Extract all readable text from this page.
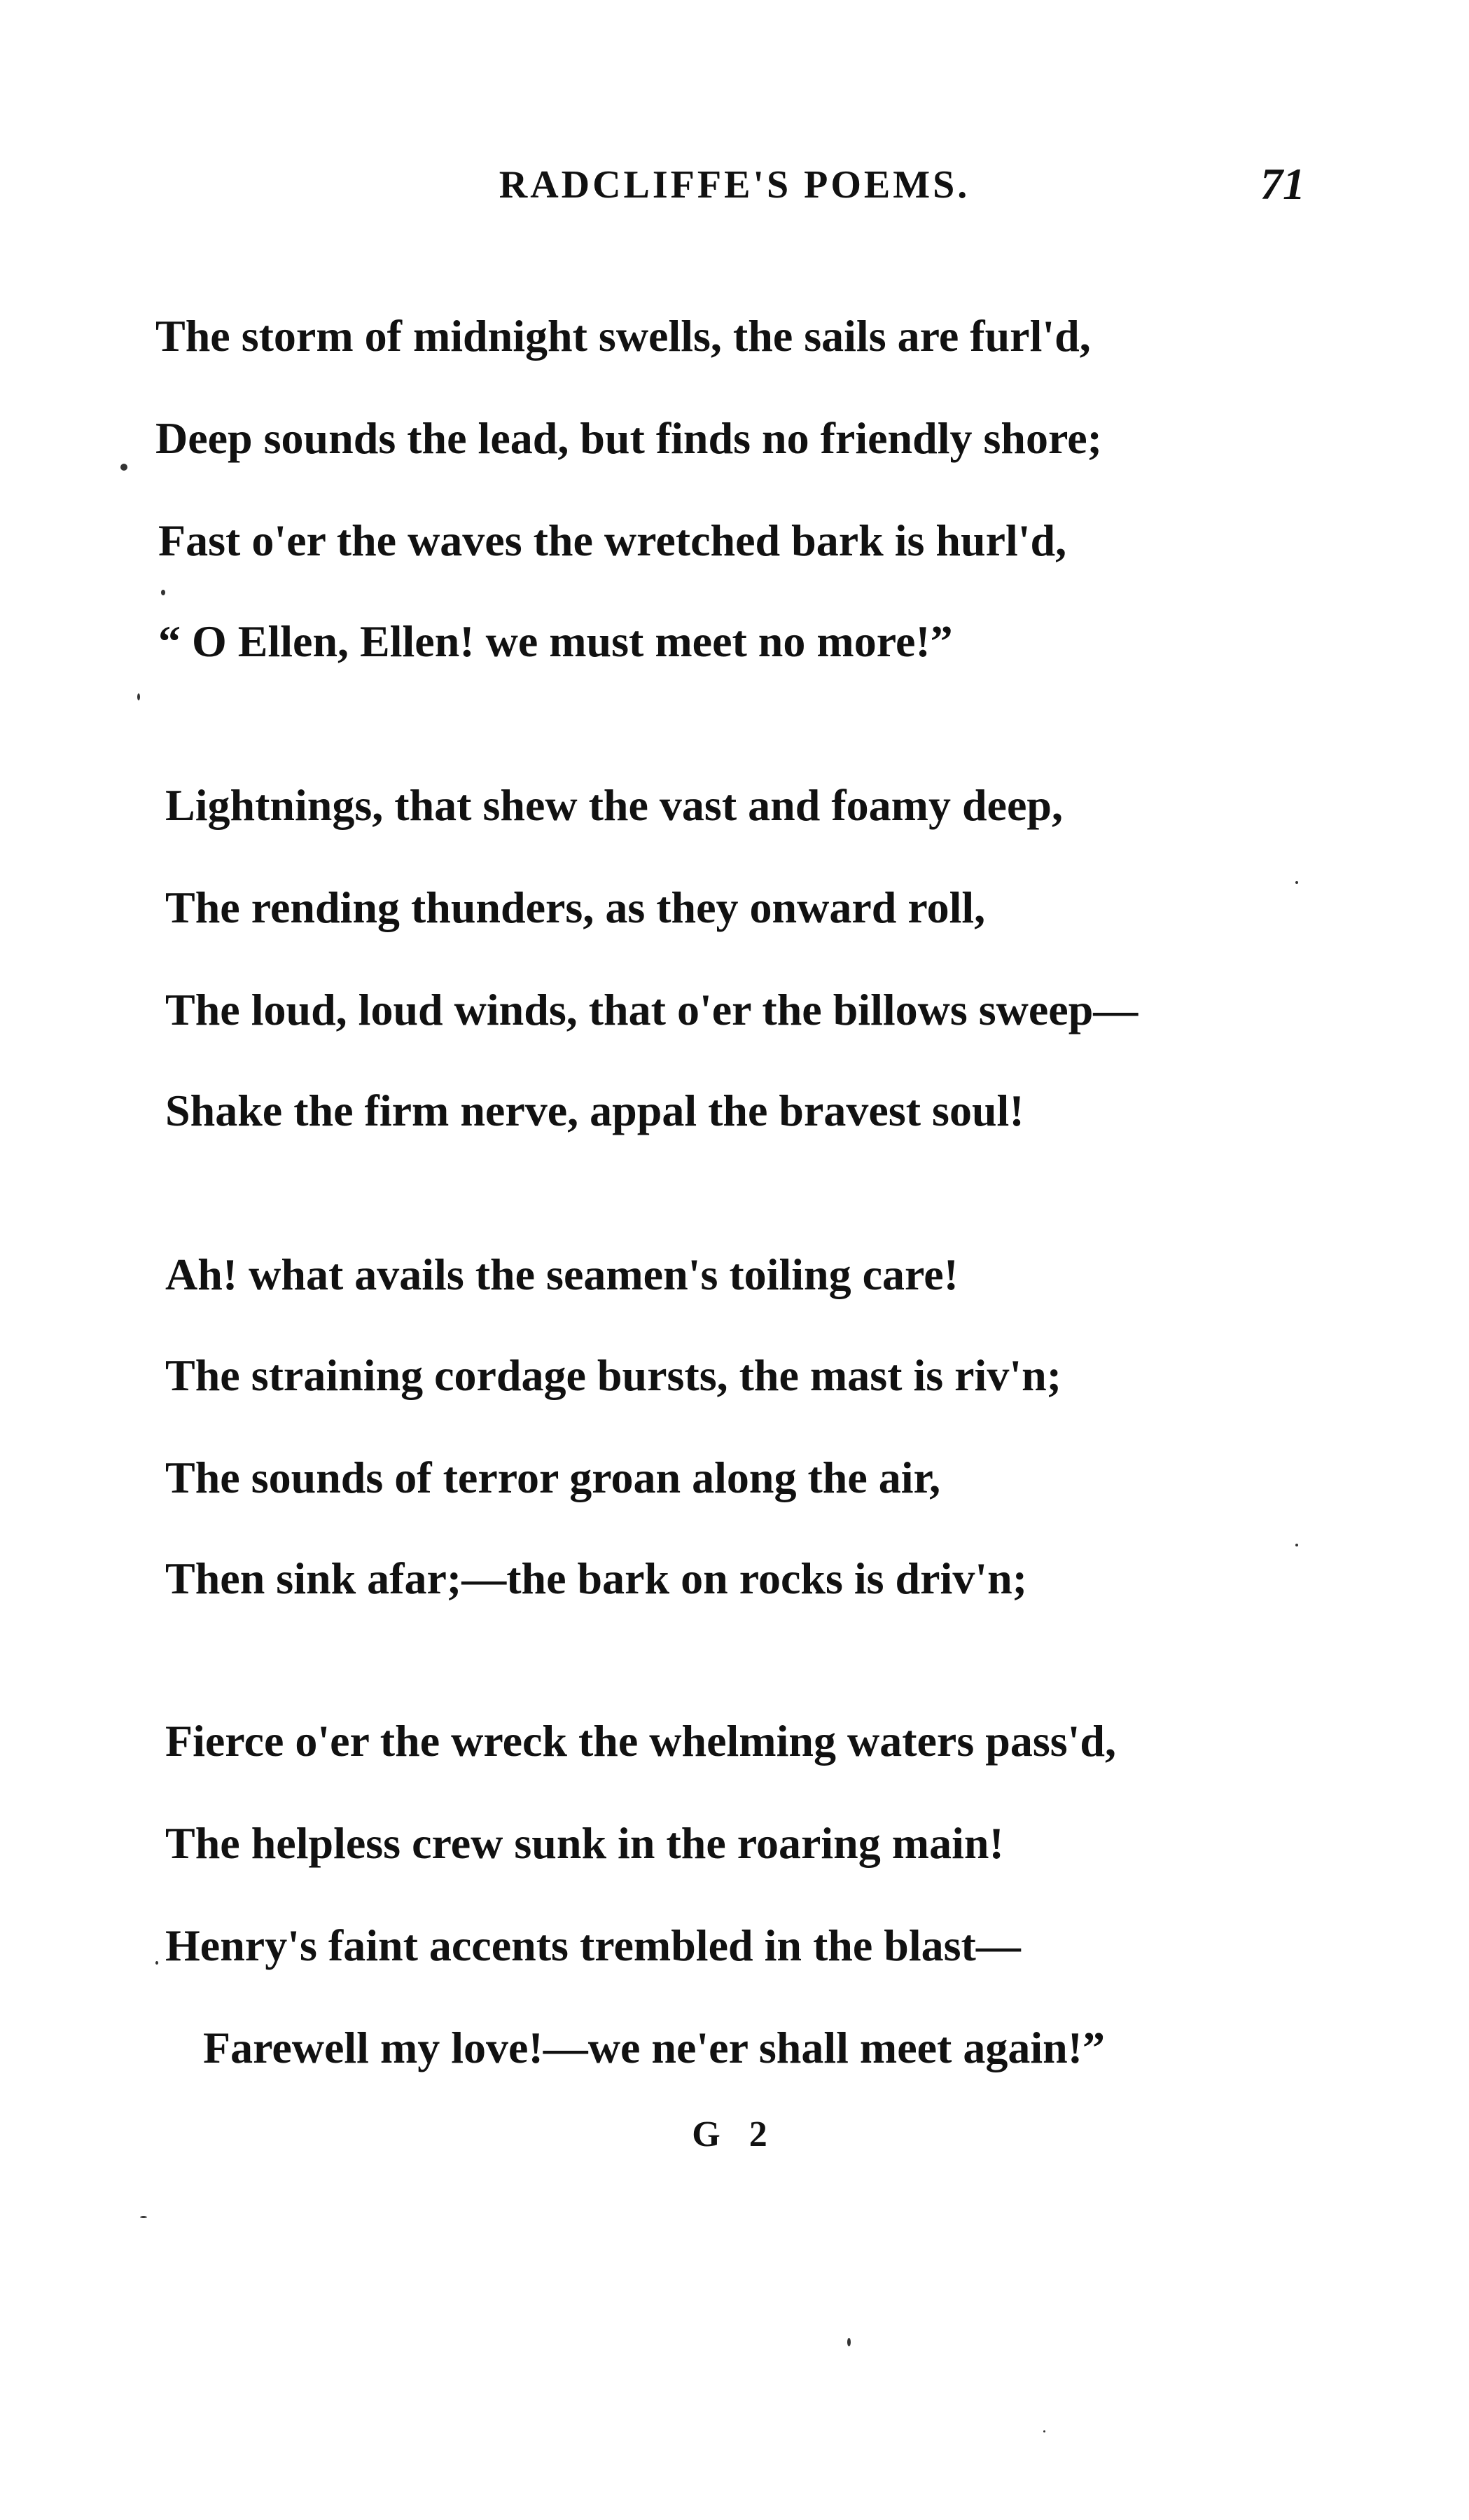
RADCLIFFE'S POEMS.	71
The storm of midnight swells, the sails are furl'd,
Deep sounds the lead, but finds no friendly shore;
Fast o'er the waves the wretched bark is hurl'd,
“ O Ellen, Ellen! we must meet no more!”
Lightnings, that shew the vast and foamy deep,
The rending thunders, as they onward roll,
The loud, loud winds, that o'er the billows sweep—
Shake the firm nerve, appal the bravest soul!
Ah! what avails the seamen's toiling care!
The straining cordage bursts, the mast is riv'n;
The sounds of terror groan along the air,
Then sink afar;—the bark on rocks is driv'n;
Fierce o'er the wreck the whelming waters pass'd,
The helpless crew sunk in the roaring main!
Henry's faint accents trembled in the blast—
Farewell my love!—we ne'er shall meet again!”
G 2
